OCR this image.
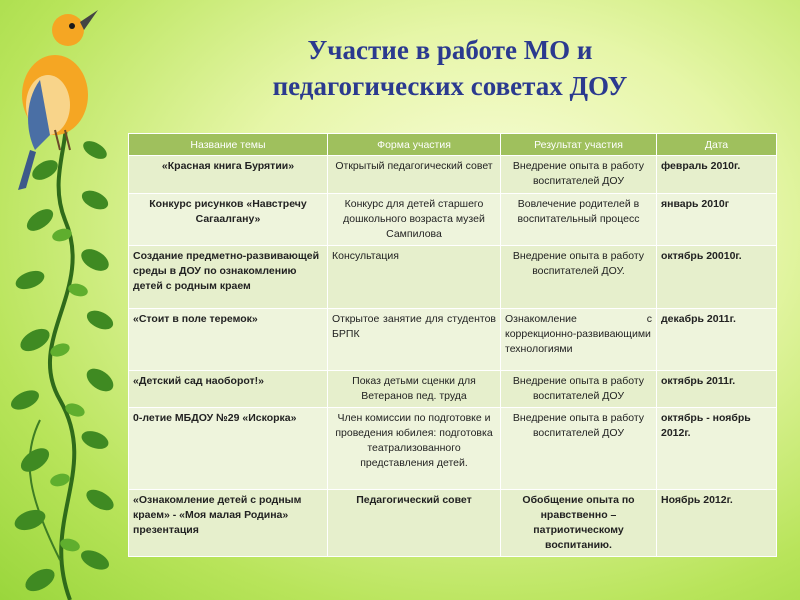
Участие в работе МО и
педагогических советах ДОУ
Название темы	Форма участия	Результат участия	Дата
«Красная книга Бурятии»	Открытый педагогический совет	Внедрение опыта в работу воспитателей ДОУ	февраль 2010г.
Конкурс рисунков «Навстречу Сагаалгану»	Конкурс для детей старшего дошкольного возраста музей Сампилова	Вовлечение родителей в воспитательный процесс	январь 2010г
Создание предметно-развивающей среды в ДОУ по ознакомлению детей с родным краем	Консультация	Внедрение опыта в работу воспитателей ДОУ.	октябрь 20010г.
«Стоит в поле теремок»	Открытое занятие для студентов БРПК	Ознакомление с коррекционно-развивающими технологиями	декабрь 2011г.
«Детский сад наоборот!»	Показ детьми сценки для Ветеранов пед. труда	Внедрение опыта в работу воспитателей ДОУ	октябрь 2011г.
0-летие МБДОУ №29 «Искорка»	Член комиссии по подготовке и проведения юбилея: подготовка театрализованного представления детей.	Внедрение опыта в работу воспитателей ДОУ	октябрь - ноябрь 2012г.
«Ознакомление детей с родным краем» - «Моя малая Родина» презентация	Педагогический совет	Обобщение опыта по нравственно – патриотическому воспитанию.	Ноябрь 2012г.
